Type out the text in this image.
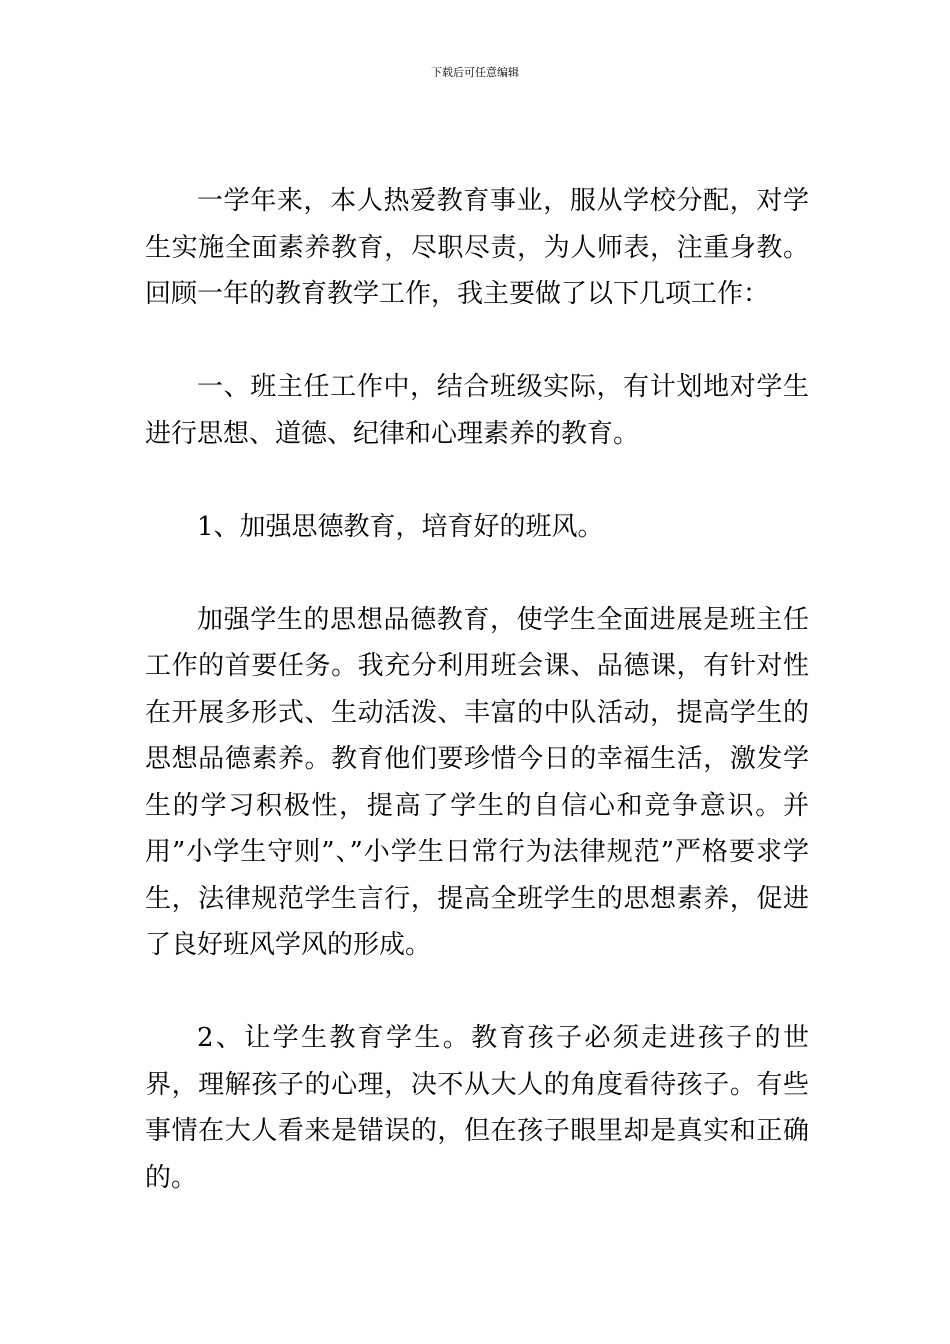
下载后可任意编辑

一学年来，本人热爱教育事业，服从学校分配，对学生实施全面素养教育，尽职尽责，为人师表，注重身教。回顾一年的教育教学工作，我主要做了以下几项工作：

一、班主任工作中，结合班级实际，有计划地对学生进行思想、道德、纪律和心理素养的教育。

1、加强思德教育，培育好的班风。

加强学生的思想品德教育，使学生全面进展是班主任工作的首要任务。我充分利用班会课、品德课，有针对性在开展多形式、生动活泼、丰富的中队活动，提高学生的思想品德素养。教育他们要珍惜今日的幸福生活，激发学生的学习积极性，提高了学生的自信心和竞争意识。并用”小学生守则”、”小学生日常行为法律规范”严格要求学生，法律规范学生言行，提高全班学生的思想素养，促进了良好班风学风的形成。

2、让学生教育学生。教育孩子必须走进孩子的世界，理解孩子的心理，决不从大人的角度看待孩子。有些事情在大人看来是错误的，但在孩子眼里却是真实和正确的。
